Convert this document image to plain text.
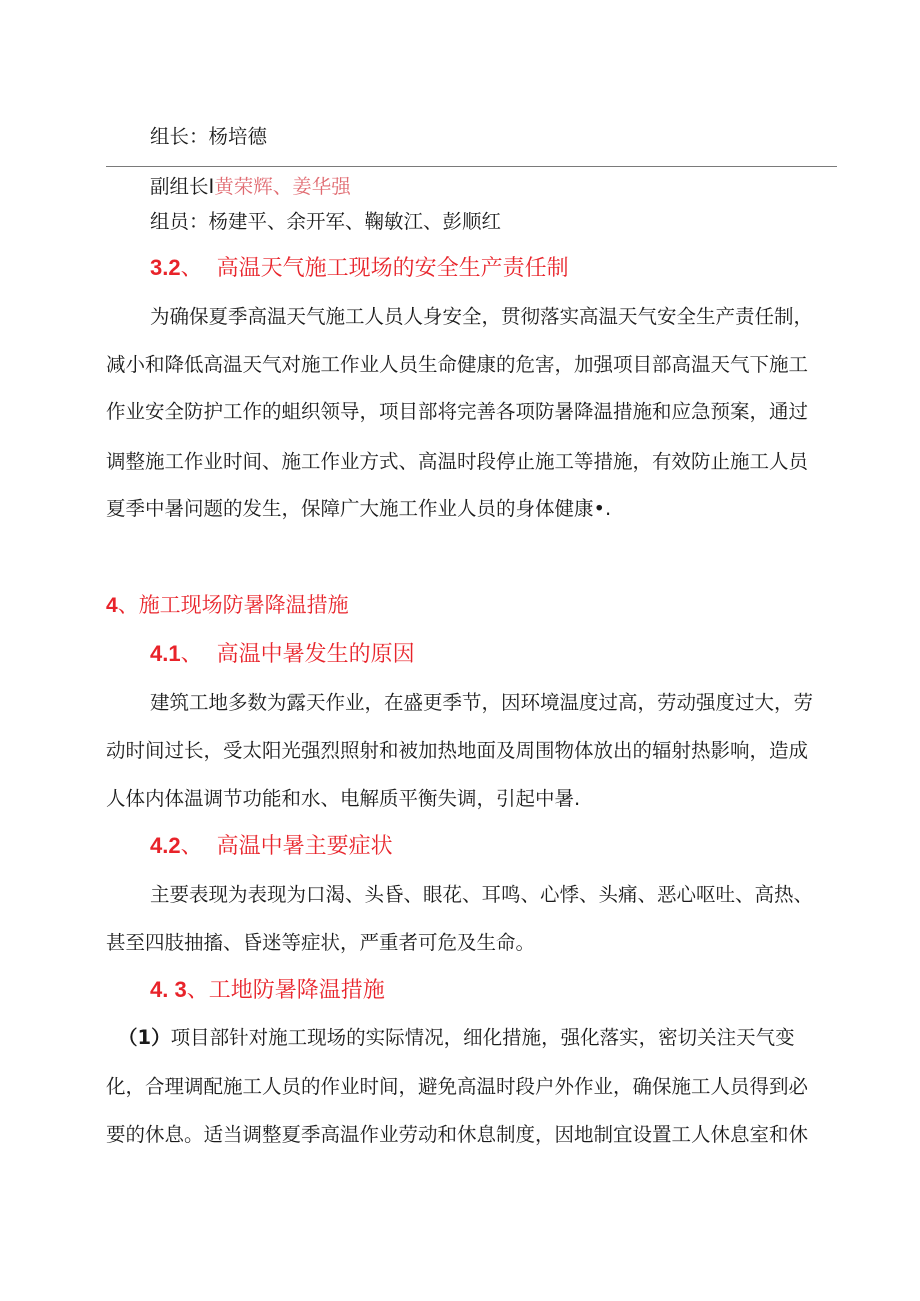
组长：杨培德
副组长I黄荣辉、姜华强
组员：杨建平、余开军、鞠敏江、彭顺红
3.2、 高温天气施工现场的安全生产责任制
为确保夏季高温天气施工人员人身安全，贯彻落实高温天气安全生产责任制，
减小和降低高温天气对施工作业人员生命健康的危害，加强项目部高温天气下施工
作业安全防护工作的蛆织领导，项目部将完善各项防暑降温措施和应急预案，通过
调整施工作业时间、施工作业方式、高温时段停止施工等措施，有效防止施工人员
夏季中暑问题的发生，保障广大施工作业人员的身体健康•.
4、施工现场防暑降温措施
4.1、 高温中暑发生的原因
建筑工地多数为露天作业，在盛更季节，因环境温度过高，劳动强度过大，劳
动时间过长，受太阳光强烈照射和被加热地面及周围物体放出的辐射热影响，造成
人体内体温调节功能和水、电解质平衡失调，引起中暑.
4.2、 高温中暑主要症状
主要表现为表现为口渴、头昏、眼花、耳鸣、心悸、头痛、恶心呕吐、高热、
甚至四肢抽搐、昏迷等症状，严重者可危及生命。
4. 3、工地防暑降温措施
（1）项目部针对施工现场的实际情况，细化措施，强化落实，密切关注天气变
化，合理调配施工人员的作业时间，避免高温时段户外作业，确保施工人员得到必
要的休息。适当调整夏季高温作业劳动和休息制度，因地制宜设置工人休息室和休
